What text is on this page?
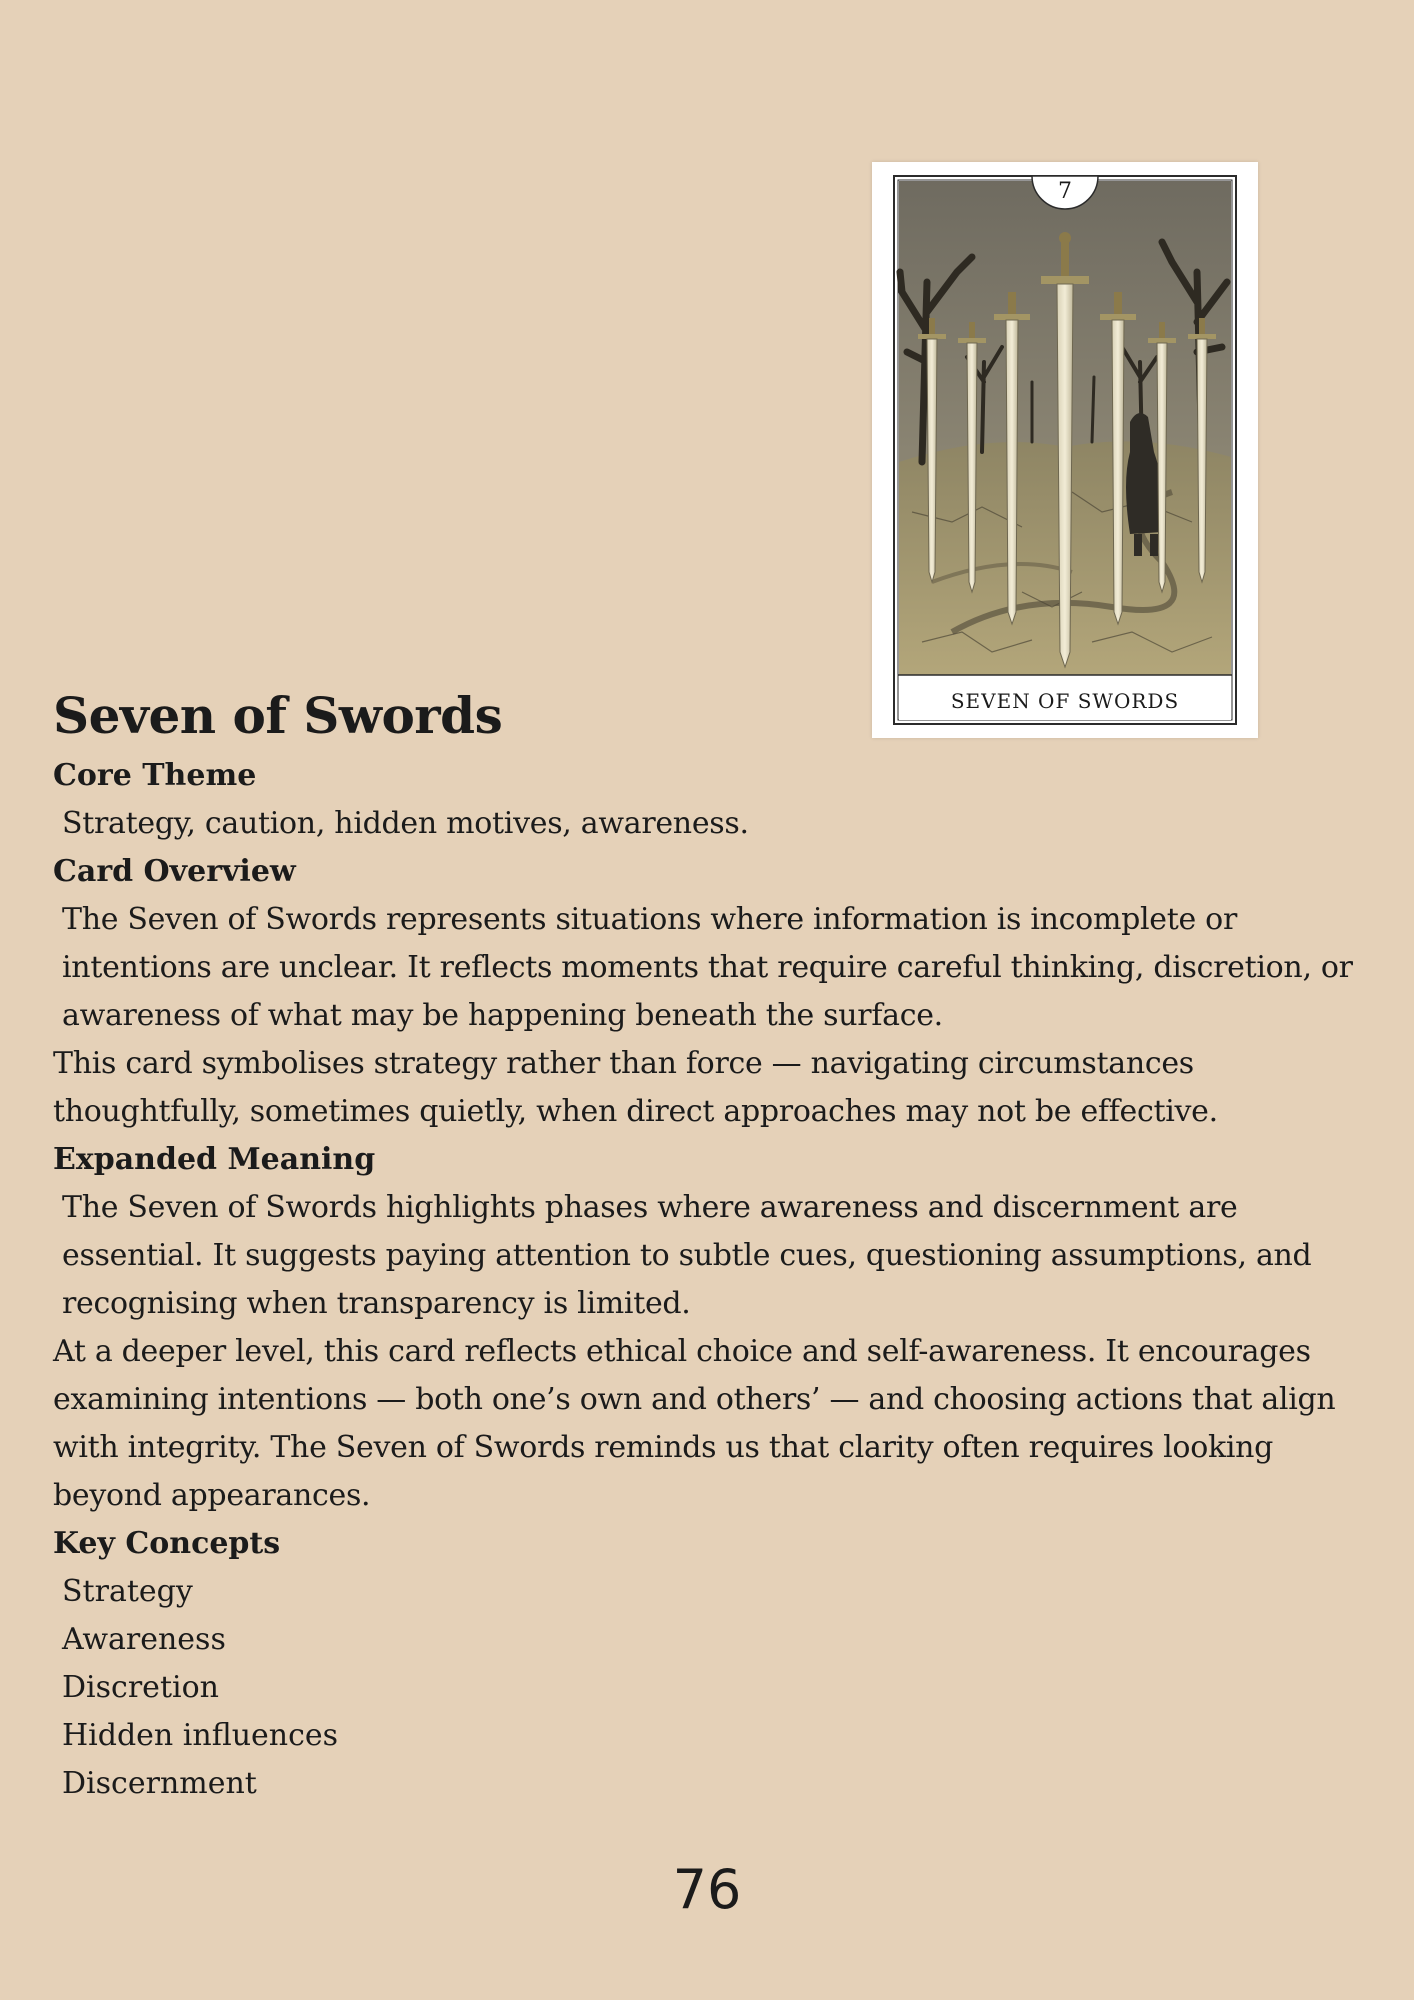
7
SEVEN OF SWORDS
Seven of Swords

Core Theme

Strategy, caution, hidden motives, awareness.

Card Overview

The Seven of Swords represents situations where information is incomplete or intentions are unclear. It reflects moments that require careful thinking, discretion, or awareness of what may be happening beneath the surface.

This card symbolises strategy rather than force — navigating circumstances thoughtfully, sometimes quietly, when direct approaches may not be effective.

Expanded Meaning

The Seven of Swords highlights phases where awareness and discernment are essential. It suggests paying attention to subtle cues, questioning assumptions, and recognising when transparency is limited.

At a deeper level, this card reflects ethical choice and self-awareness. It encourages examining intentions — both one’s own and others’ — and choosing actions that align with integrity. The Seven of Swords reminds us that clarity often requires looking beyond appearances.

Key Concepts

Strategy
Awareness
Discretion
Hidden influences
Discernment
76
